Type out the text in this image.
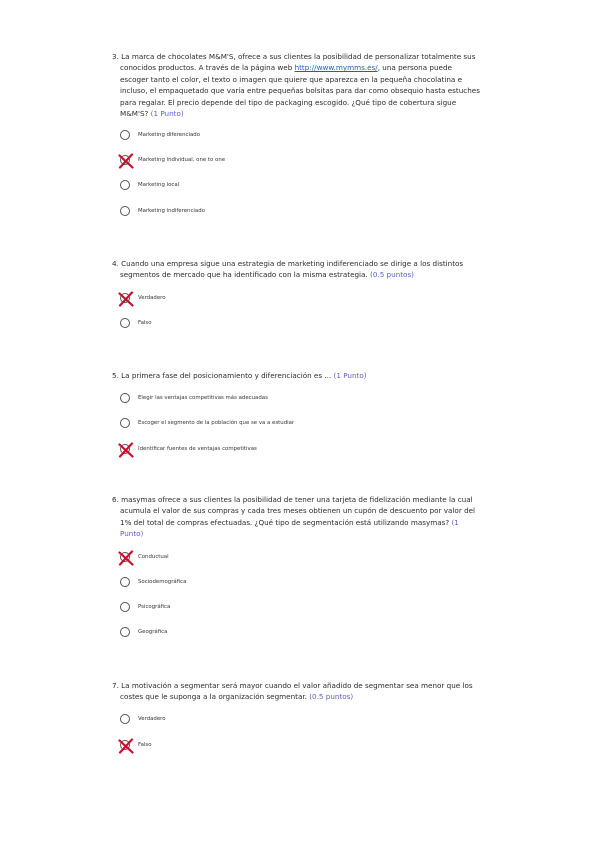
3. La marca de chocolates M&M'S, ofrece a sus clientes la posibilidad de personalizar totalmente sus conocidos productos. A través de la página web http://www.mymms.es/, una persona puede escoger tanto el color, el texto o imagen que quiere que aparezca en la pequeña chocolatina e incluso, el empaquetado que varía entre pequeñas bolsitas para dar como obsequio hasta estuches para regalar. El precio depende del tipo de packaging escogido. ¿Qué tipo de cobertura sigue M&M'S? (1 Punto)

Marketing diferenciado
Marketing individual, one to one
Marketing local
Marketing indiferenciado

4. Cuando una empresa sigue una estrategia de marketing indiferenciado se dirige a los distintos segmentos de mercado que ha identificado con la misma estrategia. (0.5 puntos)

Verdadero
Falso

5. La primera fase del posicionamiento y diferenciación es ... (1 Punto)

Elegir las ventajas competitivas más adecuadas
Escoger el segmento de la población que se va a estudiar
Identificar fuentes de ventajas competitivas

6. masymas ofrece a sus clientes la posibilidad de tener una tarjeta de fidelización mediante la cual acumula el valor de sus compras y cada tres meses obtienen un cupón de descuento por valor del 1% del total de compras efectuadas. ¿Qué tipo de segmentación está utilizando masymas? (1 Punto)

Conductual
Sociodemográfica
Psicográfica
Geográfica

7. La motivación a segmentar será mayor cuando el valor añadido de segmentar sea menor que los costes que le suponga a la organización segmentar. (0.5 puntos)

Verdadero
Falso
